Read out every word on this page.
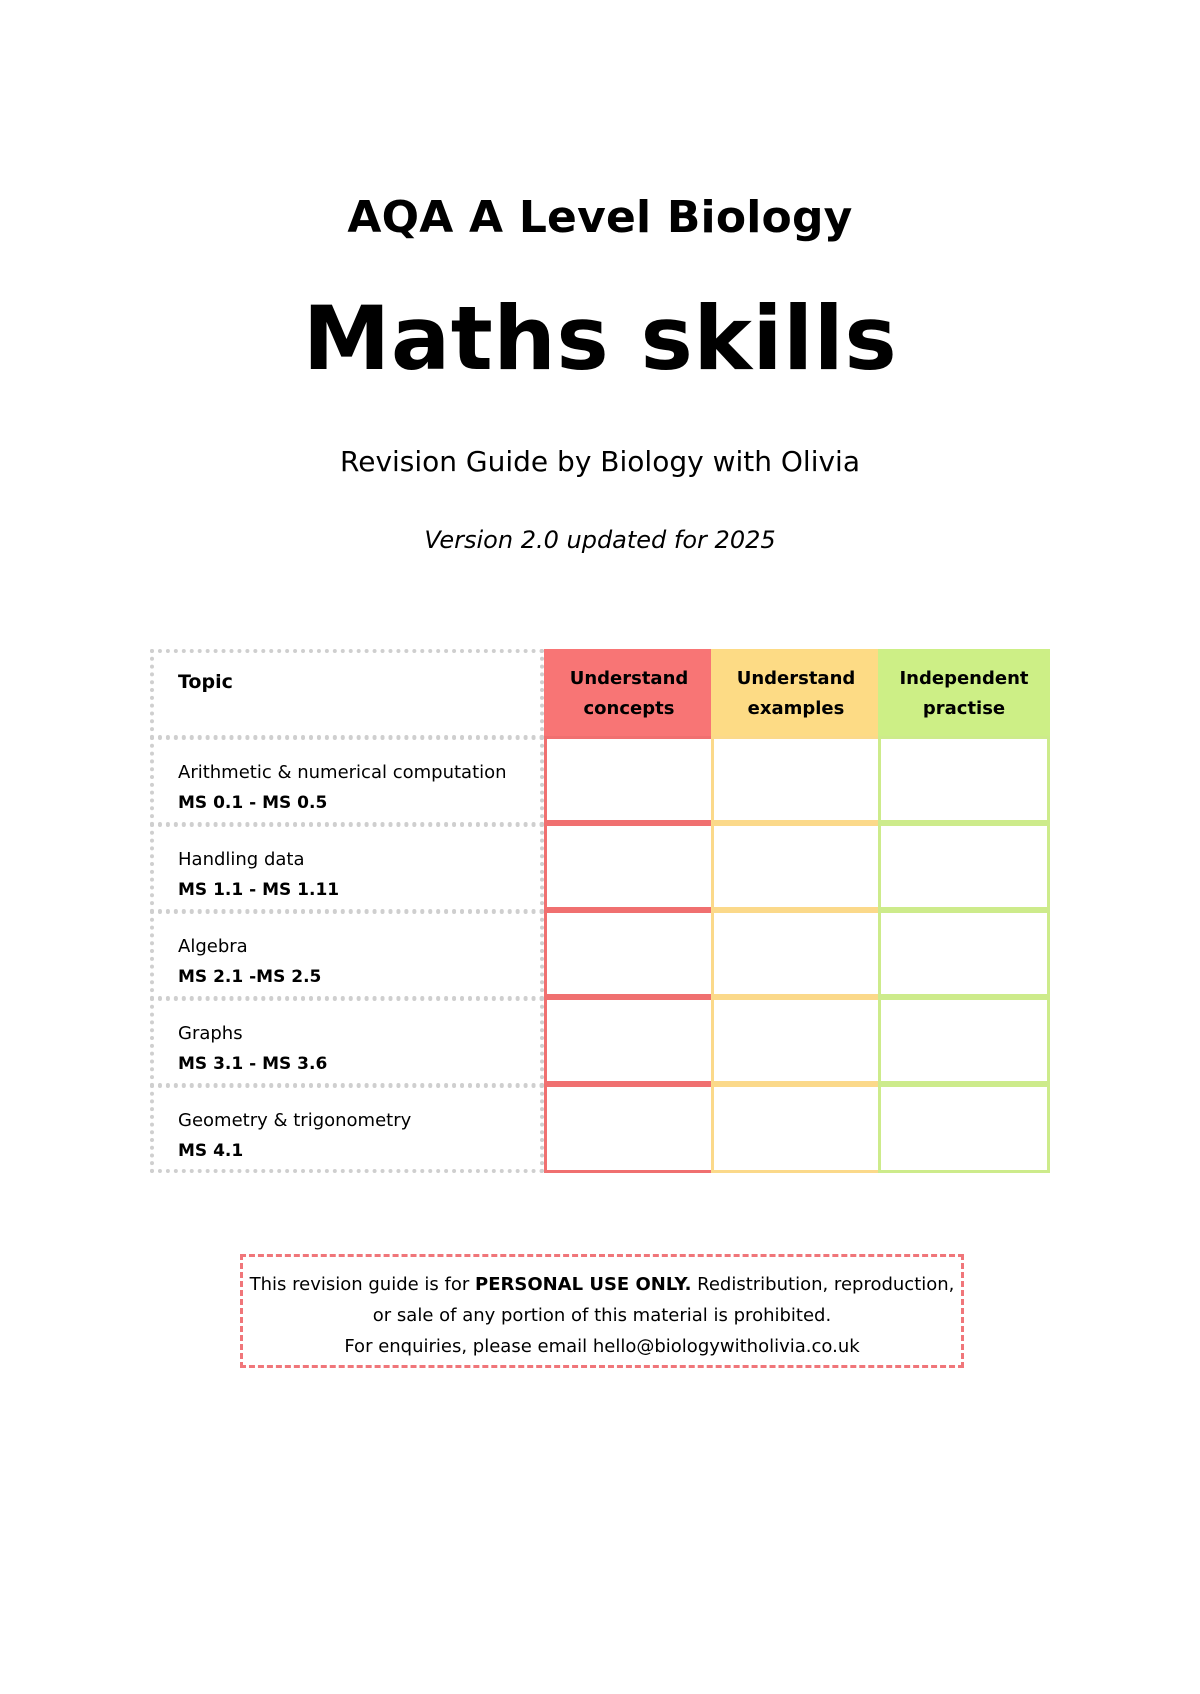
AQA A Level Biology
Maths skills
Revision Guide by Biology with Olivia
Version 2.0 updated for 2025
Topic
Arithmetic & numerical computation
MS 0.1 - MS 0.5
Handling data
MS 1.1 - MS 1.11
Algebra
MS 2.1 -MS 2.5
Graphs
MS 3.1 - MS 3.6
Geometry & trigonometry
MS 4.1
Understand
concepts
Understand
examples
Independent
practise
This revision guide is for PERSONAL USE ONLY. Redistribution, reproduction,
or sale of any portion of this material is prohibited.
For enquiries, please email hello@biologywitholivia.co.uk
